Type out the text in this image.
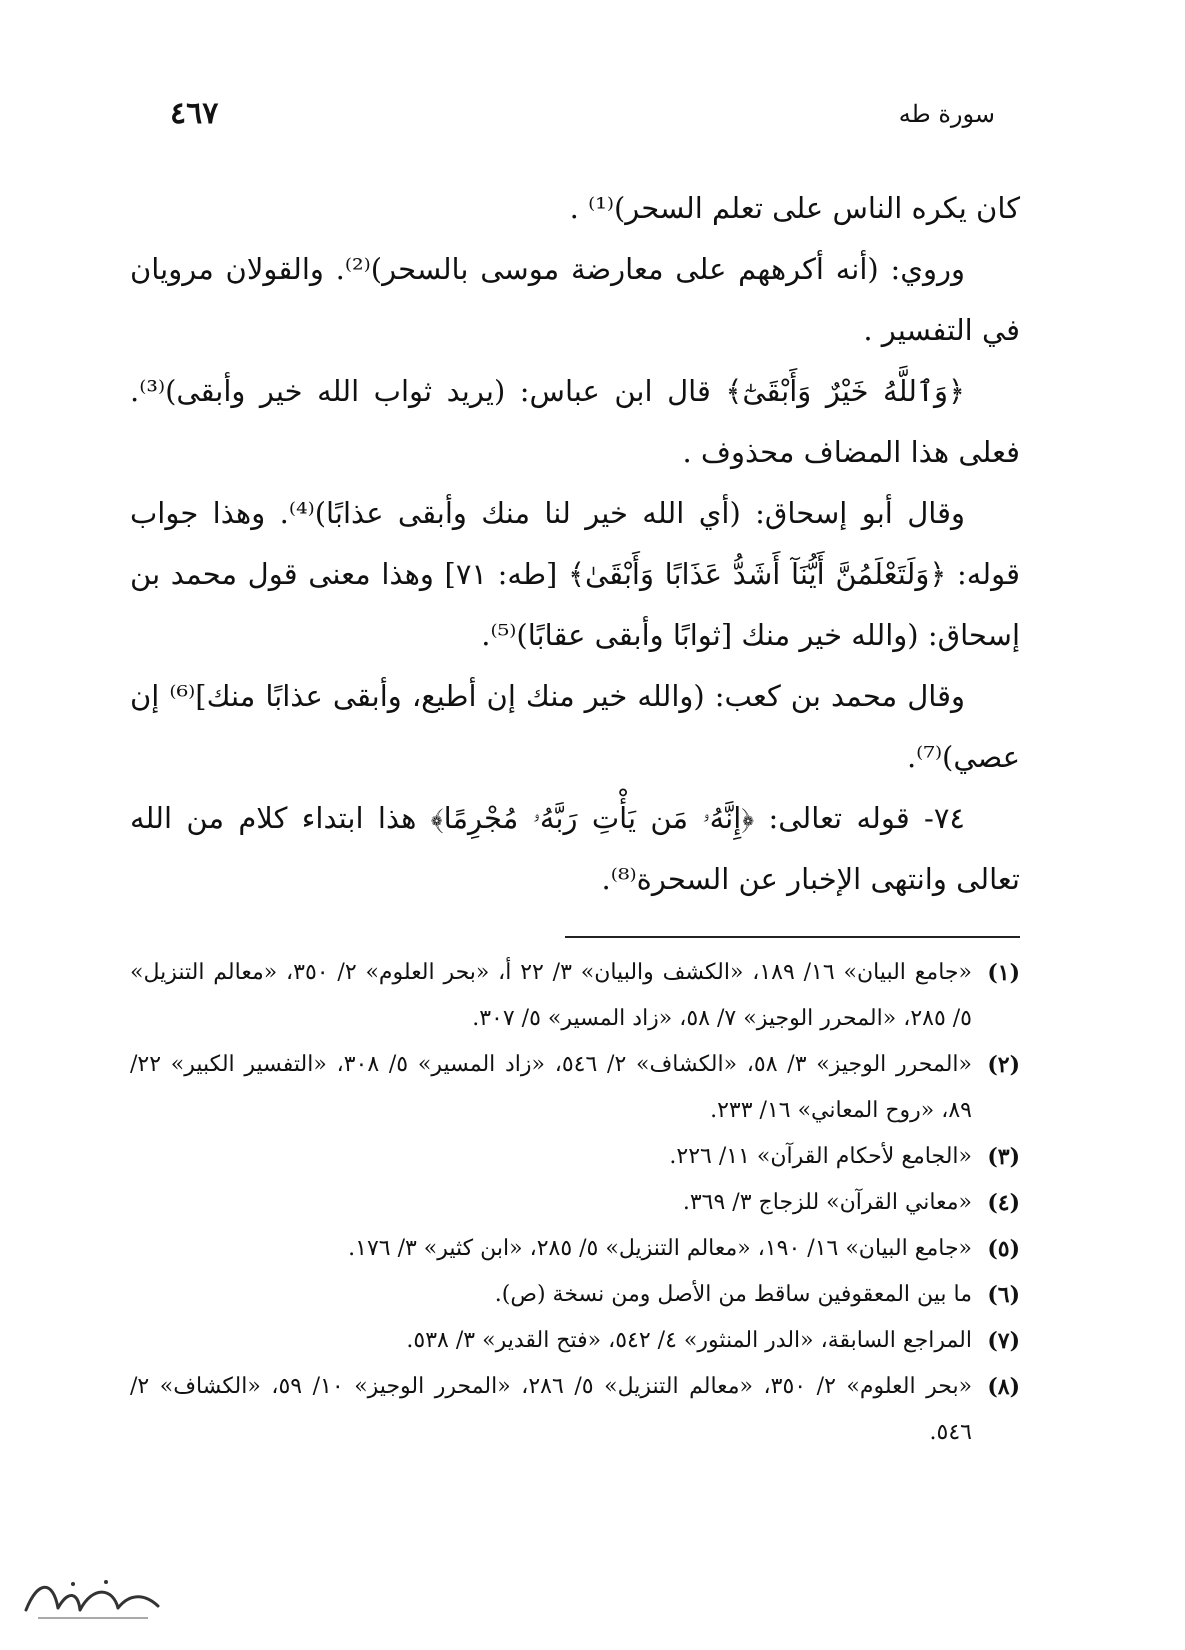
٤٦٧	سورة طه

كان يكره الناس على تعلم السحر)⁽¹⁾ .

وروي: (أنه أكرههم على معارضة موسى بالسحر)⁽²⁾. والقولان مرويان في التفسير .

﴿وَٱللَّهُ خَيْرٌ وَأَبْقَىٰٓ﴾ قال ابن عباس: (يريد ثواب الله خير وأبقى)⁽³⁾. فعلى هذا المضاف محذوف .

وقال أبو إسحاق: (أي الله خير لنا منك وأبقى عذابًا)⁽⁴⁾. وهذا جواب قوله: ﴿وَلَتَعْلَمُنَّ أَيُّنَآ أَشَدُّ عَذَابًا وَأَبْقَىٰ﴾ [طه: ٧١] وهذا معنى قول محمد بن إسحاق: (والله خير منك [ثوابًا وأبقى عقابًا)⁽⁵⁾.

وقال محمد بن كعب: (والله خير منك إن أطيع، وأبقى عذابًا منك]⁽⁶⁾ إن عصي)⁽⁷⁾.

٧٤- قوله تعالى: ﴿إِنَّهُۥ مَن يَأْتِ رَبَّهُۥ مُجْرِمًا﴾ هذا ابتداء كلام من الله تعالى وانتهى الإخبار عن السحرة⁽⁸⁾.

(١)
«جامع البيان» ١٦/ ١٨٩، «الكشف والبيان» ٣/ ٢٢ أ، «بحر العلوم» ٢/ ٣٥٠، «معالم التنزيل» ٥/ ٢٨٥، «المحرر الوجيز» ٧/ ٥٨، «زاد المسير» ٥/ ٣٠٧.
(٢)
«المحرر الوجيز» ٣/ ٥٨، «الكشاف» ٢/ ٥٤٦، «زاد المسير» ٥/ ٣٠٨، «التفسير الكبير» ٢٢/ ٨٩، «روح المعاني» ١٦/ ٢٣٣.
(٣)
«الجامع لأحكام القرآن» ١١/ ٢٢٦.
(٤)
«معاني القرآن» للزجاج ٣/ ٣٦٩.
(٥)
«جامع البيان» ١٦/ ١٩٠، «معالم التنزيل» ٥/ ٢٨٥، «ابن كثير» ٣/ ١٧٦.
(٦)
ما بين المعقوفين ساقط من الأصل ومن نسخة (ص).
(٧)
المراجع السابقة، «الدر المنثور» ٤/ ٥٤٢، «فتح القدير» ٣/ ٥٣٨.
(٨)
«بحر العلوم» ٢/ ٣٥٠، «معالم التنزيل» ٥/ ٢٨٦، «المحرر الوجيز» ١٠/ ٥٩، «الكشاف» ٢/ ٥٤٦.
